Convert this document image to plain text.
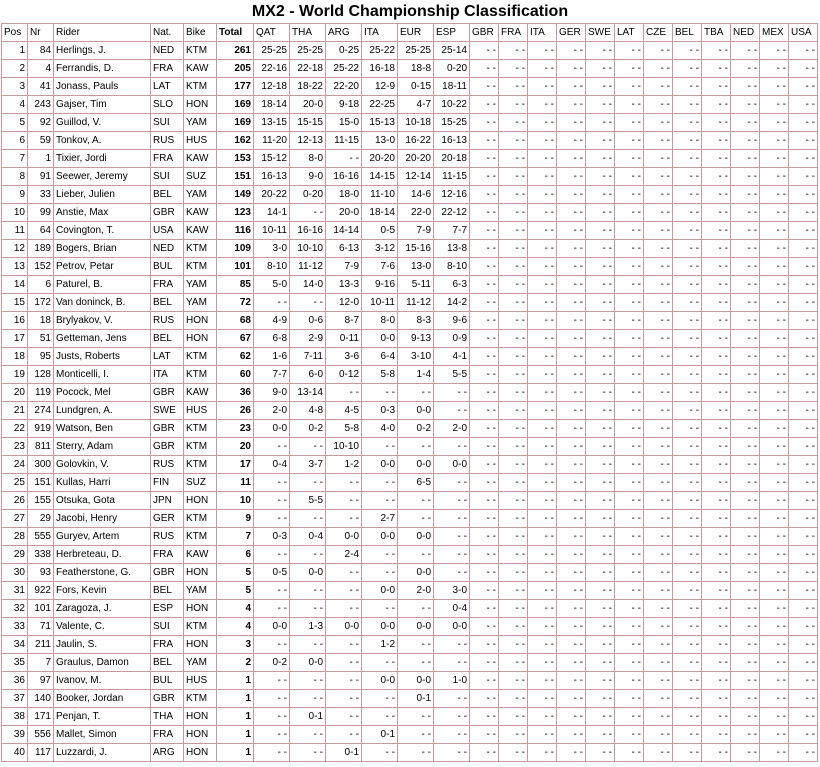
MX2 - World Championship Classification
Pos	Nr	Rider	Nat.	Bike	Total	QAT	THA	ARG	ITA	EUR	ESP	GBR	FRA	ITA	GER	SWE	LAT	CZE	BEL	TBA	NED	MEX	USA
1	84	Herlings, J.	NED	KTM	261	25-25	25-25	0-25	25-22	25-25	25-14	- -	- -	- -	- -	- -	- -	- -	- -	- -	- -	- -	- -
2	4	Ferrandis, D.	FRA	KAW	205	22-16	22-18	25-22	16-18	18-8	0-20	- -	- -	- -	- -	- -	- -	- -	- -	- -	- -	- -	- -
3	41	Jonass, Pauls	LAT	KTM	177	12-18	18-22	22-20	12-9	0-15	18-11	- -	- -	- -	- -	- -	- -	- -	- -	- -	- -	- -	- -
4	243	Gajser, Tim	SLO	HON	169	18-14	20-0	9-18	22-25	4-7	10-22	- -	- -	- -	- -	- -	- -	- -	- -	- -	- -	- -	- -
5	92	Guillod, V.	SUI	YAM	169	13-15	15-15	15-0	15-13	10-18	15-25	- -	- -	- -	- -	- -	- -	- -	- -	- -	- -	- -	- -
6	59	Tonkov, A.	RUS	HUS	162	11-20	12-13	11-15	13-0	16-22	16-13	- -	- -	- -	- -	- -	- -	- -	- -	- -	- -	- -	- -
7	1	Tixier, Jordi	FRA	KAW	153	15-12	8-0	- -	20-20	20-20	20-18	- -	- -	- -	- -	- -	- -	- -	- -	- -	- -	- -	- -
8	91	Seewer, Jeremy	SUI	SUZ	151	16-13	9-0	16-16	14-15	12-14	11-15	- -	- -	- -	- -	- -	- -	- -	- -	- -	- -	- -	- -
9	33	Lieber, Julien	BEL	YAM	149	20-22	0-20	18-0	11-10	14-6	12-16	- -	- -	- -	- -	- -	- -	- -	- -	- -	- -	- -	- -
10	99	Anstie, Max	GBR	KAW	123	14-1	- -	20-0	18-14	22-0	22-12	- -	- -	- -	- -	- -	- -	- -	- -	- -	- -	- -	- -
11	64	Covington, T.	USA	KAW	116	10-11	16-16	14-14	0-5	7-9	7-7	- -	- -	- -	- -	- -	- -	- -	- -	- -	- -	- -	- -
12	189	Bogers, Brian	NED	KTM	109	3-0	10-10	6-13	3-12	15-16	13-8	- -	- -	- -	- -	- -	- -	- -	- -	- -	- -	- -	- -
13	152	Petrov, Petar	BUL	KTM	101	8-10	11-12	7-9	7-6	13-0	8-10	- -	- -	- -	- -	- -	- -	- -	- -	- -	- -	- -	- -
14	6	Paturel, B.	FRA	YAM	85	5-0	14-0	13-3	9-16	5-11	6-3	- -	- -	- -	- -	- -	- -	- -	- -	- -	- -	- -	- -
15	172	Van doninck, B.	BEL	YAM	72	- -	- -	12-0	10-11	11-12	14-2	- -	- -	- -	- -	- -	- -	- -	- -	- -	- -	- -	- -
16	18	Brylyakov, V.	RUS	HON	68	4-9	0-6	8-7	8-0	8-3	9-6	- -	- -	- -	- -	- -	- -	- -	- -	- -	- -	- -	- -
17	51	Getteman, Jens	BEL	HON	67	6-8	2-9	0-11	0-0	9-13	0-9	- -	- -	- -	- -	- -	- -	- -	- -	- -	- -	- -	- -
18	95	Justs, Roberts	LAT	KTM	62	1-6	7-11	3-6	6-4	3-10	4-1	- -	- -	- -	- -	- -	- -	- -	- -	- -	- -	- -	- -
19	128	Monticelli, I.	ITA	KTM	60	7-7	6-0	0-12	5-8	1-4	5-5	- -	- -	- -	- -	- -	- -	- -	- -	- -	- -	- -	- -
20	119	Pocock, Mel	GBR	KAW	36	9-0	13-14	- -	- -	- -	- -	- -	- -	- -	- -	- -	- -	- -	- -	- -	- -	- -	- -
21	274	Lundgren, A.	SWE	HUS	26	2-0	4-8	4-5	0-3	0-0	- -	- -	- -	- -	- -	- -	- -	- -	- -	- -	- -	- -	- -
22	919	Watson, Ben	GBR	KTM	23	0-0	0-2	5-8	4-0	0-2	2-0	- -	- -	- -	- -	- -	- -	- -	- -	- -	- -	- -	- -
23	811	Sterry, Adam	GBR	KTM	20	- -	- -	10-10	- -	- -	- -	- -	- -	- -	- -	- -	- -	- -	- -	- -	- -	- -	- -
24	300	Golovkin, V.	RUS	KTM	17	0-4	3-7	1-2	0-0	0-0	0-0	- -	- -	- -	- -	- -	- -	- -	- -	- -	- -	- -	- -
25	151	Kullas, Harri	FIN	SUZ	11	- -	- -	- -	- -	6-5	- -	- -	- -	- -	- -	- -	- -	- -	- -	- -	- -	- -	- -
26	155	Otsuka, Gota	JPN	HON	10	- -	5-5	- -	- -	- -	- -	- -	- -	- -	- -	- -	- -	- -	- -	- -	- -	- -	- -
27	29	Jacobi, Henry	GER	KTM	9	- -	- -	- -	2-7	- -	- -	- -	- -	- -	- -	- -	- -	- -	- -	- -	- -	- -	- -
28	555	Guryev, Artem	RUS	KTM	7	0-3	0-4	0-0	0-0	0-0	- -	- -	- -	- -	- -	- -	- -	- -	- -	- -	- -	- -	- -
29	338	Herbreteau, D.	FRA	KAW	6	- -	- -	2-4	- -	- -	- -	- -	- -	- -	- -	- -	- -	- -	- -	- -	- -	- -	- -
30	93	Featherstone, G.	GBR	HON	5	0-5	0-0	- -	- -	0-0	- -	- -	- -	- -	- -	- -	- -	- -	- -	- -	- -	- -	- -
31	922	Fors, Kevin	BEL	YAM	5	- -	- -	- -	0-0	2-0	3-0	- -	- -	- -	- -	- -	- -	- -	- -	- -	- -	- -	- -
32	101	Zaragoza, J.	ESP	HON	4	- -	- -	- -	- -	- -	0-4	- -	- -	- -	- -	- -	- -	- -	- -	- -	- -	- -	- -
33	71	Valente, C.	SUI	KTM	4	0-0	1-3	0-0	0-0	0-0	0-0	- -	- -	- -	- -	- -	- -	- -	- -	- -	- -	- -	- -
34	211	Jaulin, S.	FRA	HON	3	- -	- -	- -	1-2	- -	- -	- -	- -	- -	- -	- -	- -	- -	- -	- -	- -	- -	- -
35	7	Graulus, Damon	BEL	YAM	2	0-2	0-0	- -	- -	- -	- -	- -	- -	- -	- -	- -	- -	- -	- -	- -	- -	- -	- -
36	97	Ivanov, M.	BUL	HUS	1	- -	- -	- -	0-0	0-0	1-0	- -	- -	- -	- -	- -	- -	- -	- -	- -	- -	- -	- -
37	140	Booker, Jordan	GBR	KTM	1	- -	- -	- -	- -	0-1	- -	- -	- -	- -	- -	- -	- -	- -	- -	- -	- -	- -	- -
38	171	Penjan, T.	THA	HON	1	- -	0-1	- -	- -	- -	- -	- -	- -	- -	- -	- -	- -	- -	- -	- -	- -	- -	- -
39	556	Mallet, Simon	FRA	HON	1	- -	- -	- -	0-1	- -	- -	- -	- -	- -	- -	- -	- -	- -	- -	- -	- -	- -	- -
40	117	Luzzardi, J.	ARG	HON	1	- -	- -	0-1	- -	- -	- -	- -	- -	- -	- -	- -	- -	- -	- -	- -	- -	- -	- -
